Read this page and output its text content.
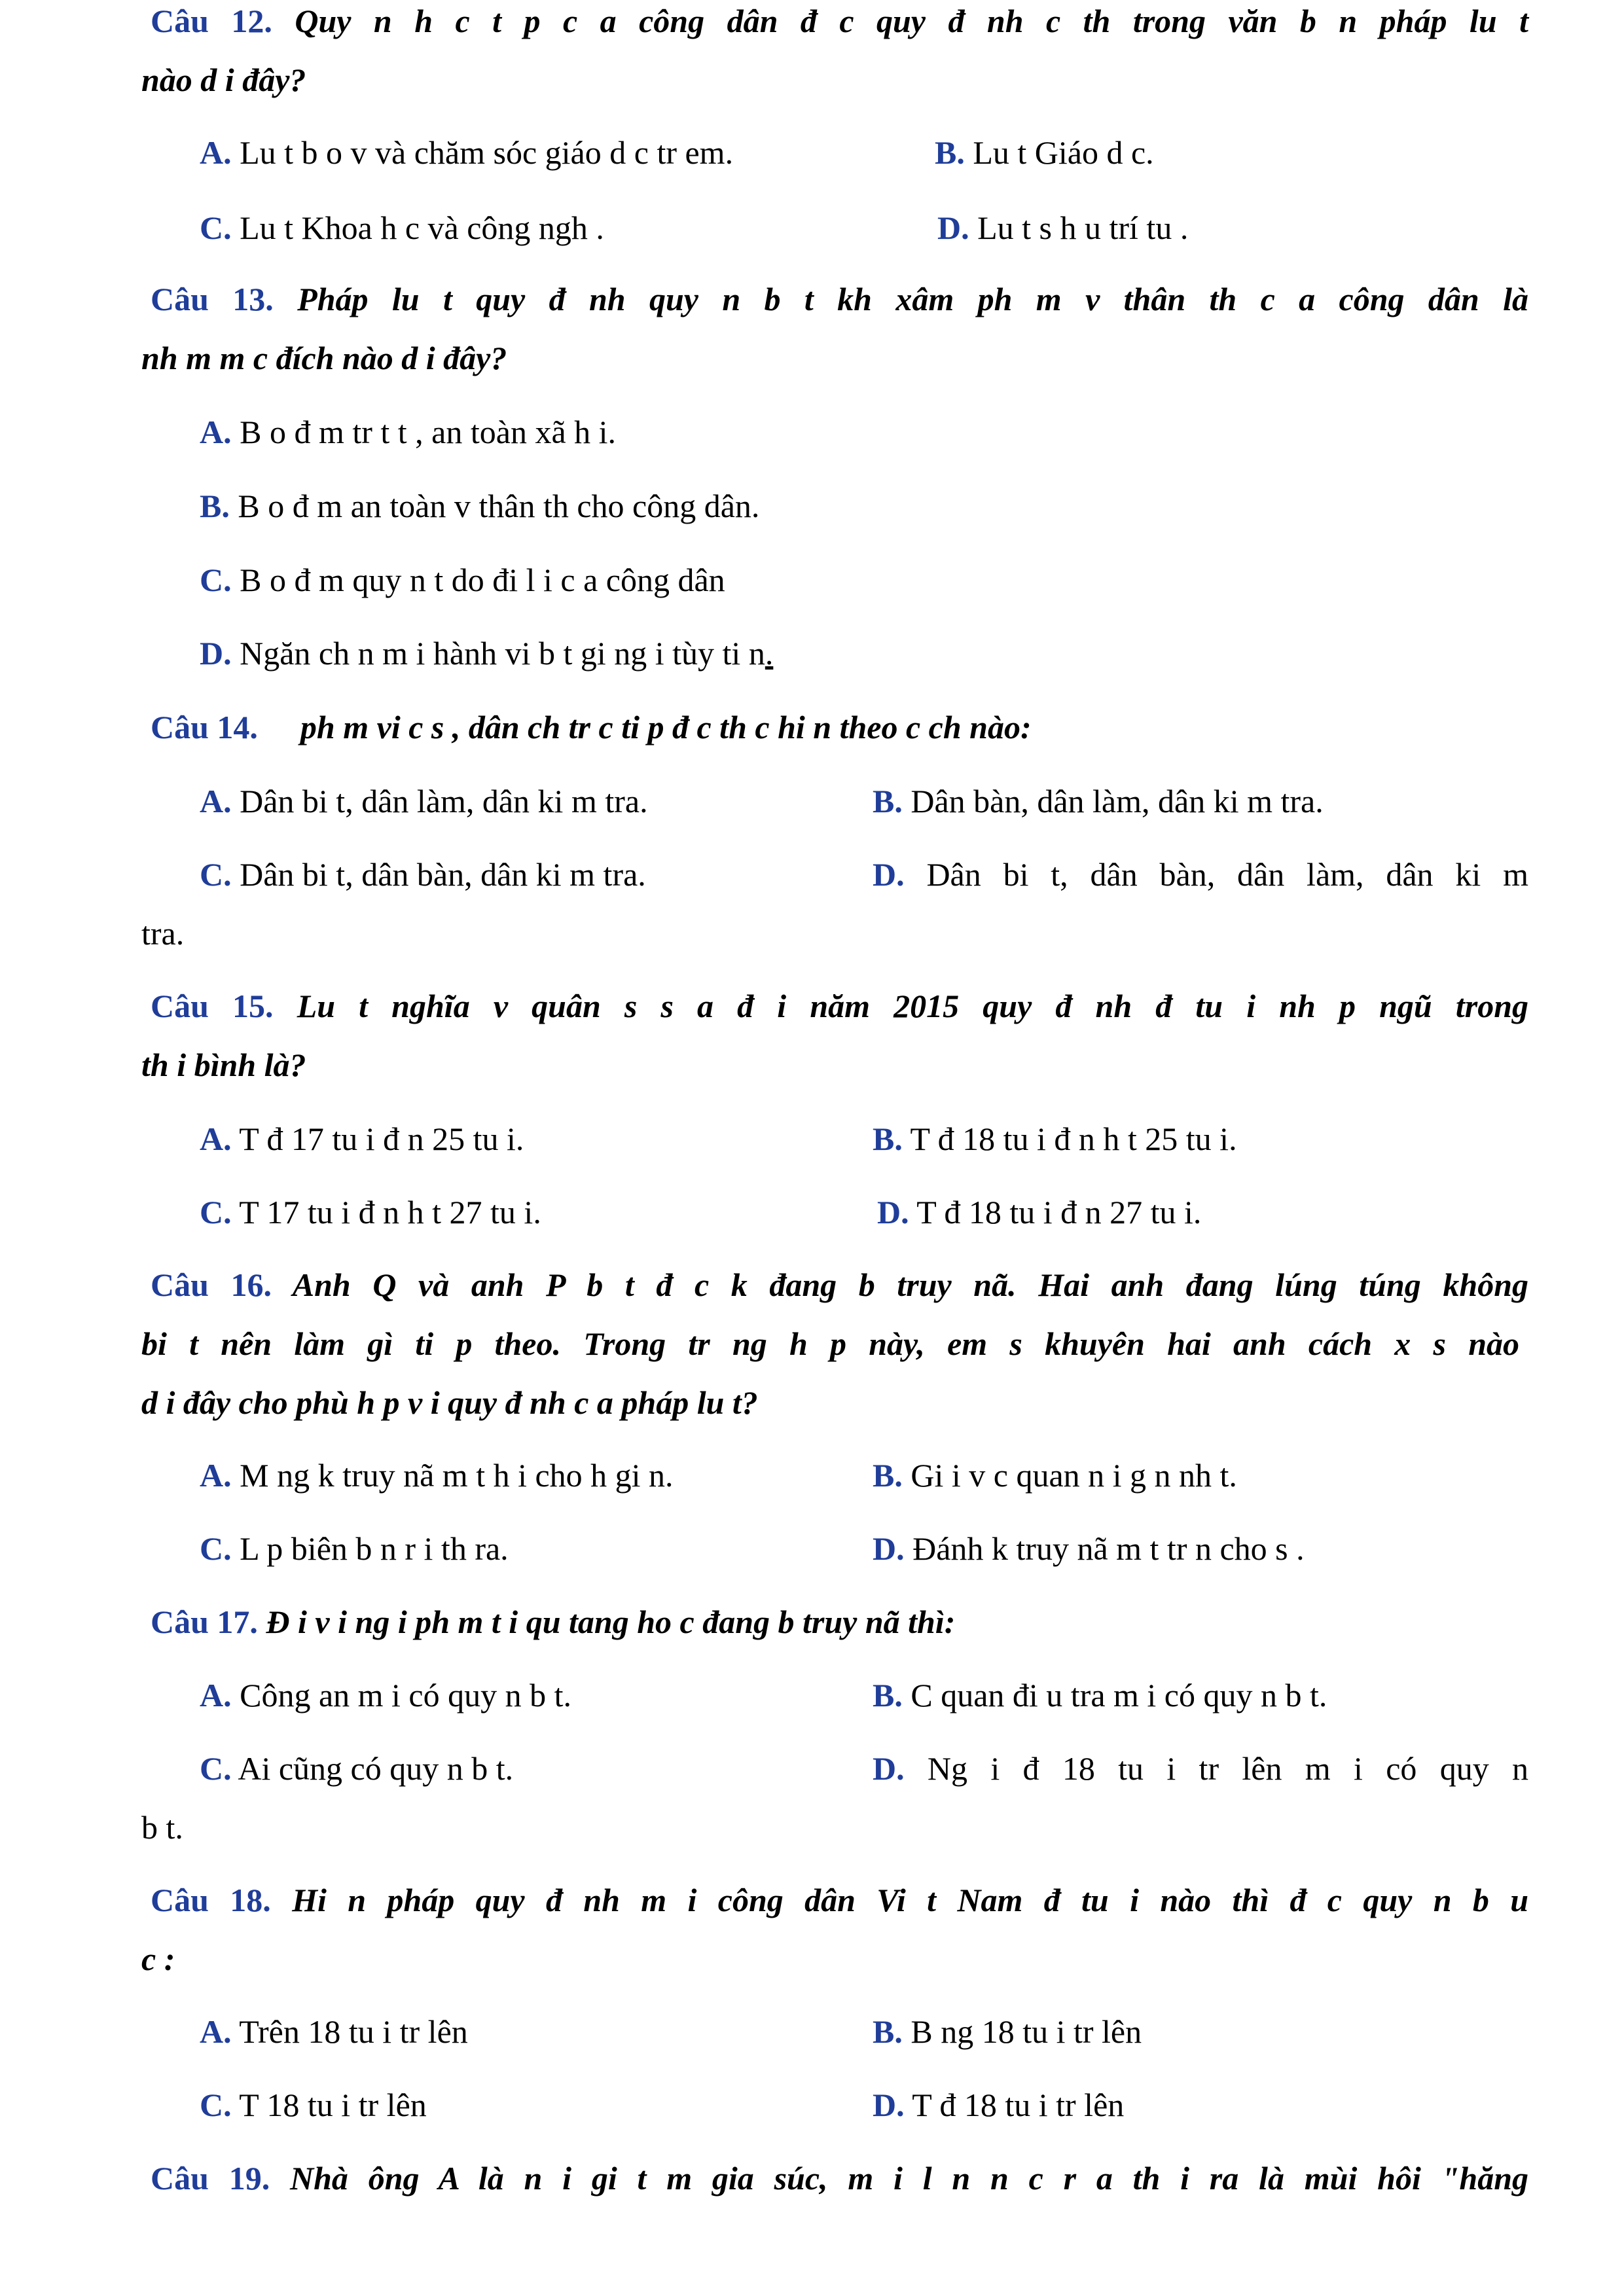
Câu 12. Quy n h c t p c a công dân đ c quy đ nh c th trong văn b n pháp lu t
nào d i đây?
A. Lu t b o v và chăm sóc giáo d c tr em.	B. Lu t Giáo d c.
C. Lu t Khoa h c và công ngh .	D. Lu t s h u trí tu .
Câu 13. Pháp lu t quy đ nh quy n b t kh xâm ph m v thân th c a công dân là
nh m m c đích nào d i đây?
A. B o đ m tr t t , an toàn xã h i.
B. B o đ m an toàn v thân th cho công dân.
C. B o đ m quy n t do đi l i c a công dân
D. Ngăn ch n m i hành vi b t gi ng i tùy ti n.
Câu 14. ph m vi c s , dân ch tr c ti p đ c th c hi n theo c ch nào:
A. Dân bi t, dân làm, dân ki m tra.	B. Dân bàn, dân làm, dân ki m tra.
C. Dân bi t, dân bàn, dân ki m tra.	D. Dân bi t, dân bàn, dân làm, dân ki m
tra.
Câu 15. Lu t nghĩa v quân s s a đ i năm 2015 quy đ nh đ tu i nh p ngũ trong
th i bình là?
A. T đ 17 tu i đ n 25 tu i.	B. T đ 18 tu i đ n h t 25 tu i.
C. T 17 tu i đ n h t 27 tu i.	D. T đ 18 tu i đ n 27 tu i.
Câu 16. Anh Q và anh P b t đ c k đang b truy nã. Hai anh đang lúng túng không
bi t nên làm gì ti p theo. Trong tr ng h p này, em s khuyên hai anh cách x s nào
d i đây cho phù h p v i quy đ nh c a pháp lu t?
A. M ng k truy nã m t h i cho h gi n.	B. Gi i v c quan n i g n nh t.
C. L p biên b n r i th ra.	D. Đánh k truy nã m t tr n cho s .
Câu 17. Đ i v i ng i ph m t i qu tang ho c đang b truy nã thì:
A. Công an m i có quy n b t.	B. C quan đi u tra m i có quy n b t.
C. Ai cũng có quy n b t.	D. Ng i đ 18 tu i tr lên m i có quy n
b t.
Câu 18. Hi n pháp quy đ nh m i công dân Vi t Nam đ tu i nào thì đ c quy n b u
c :
A. Trên 18 tu i tr lên	B. B ng 18 tu i tr lên
C. T 18 tu i tr lên	D. T đ 18 tu i tr lên
Câu 19. Nhà ông A là n i gi t m gia súc, m i l n n c r a th i ra là mùi hôi "hăng
